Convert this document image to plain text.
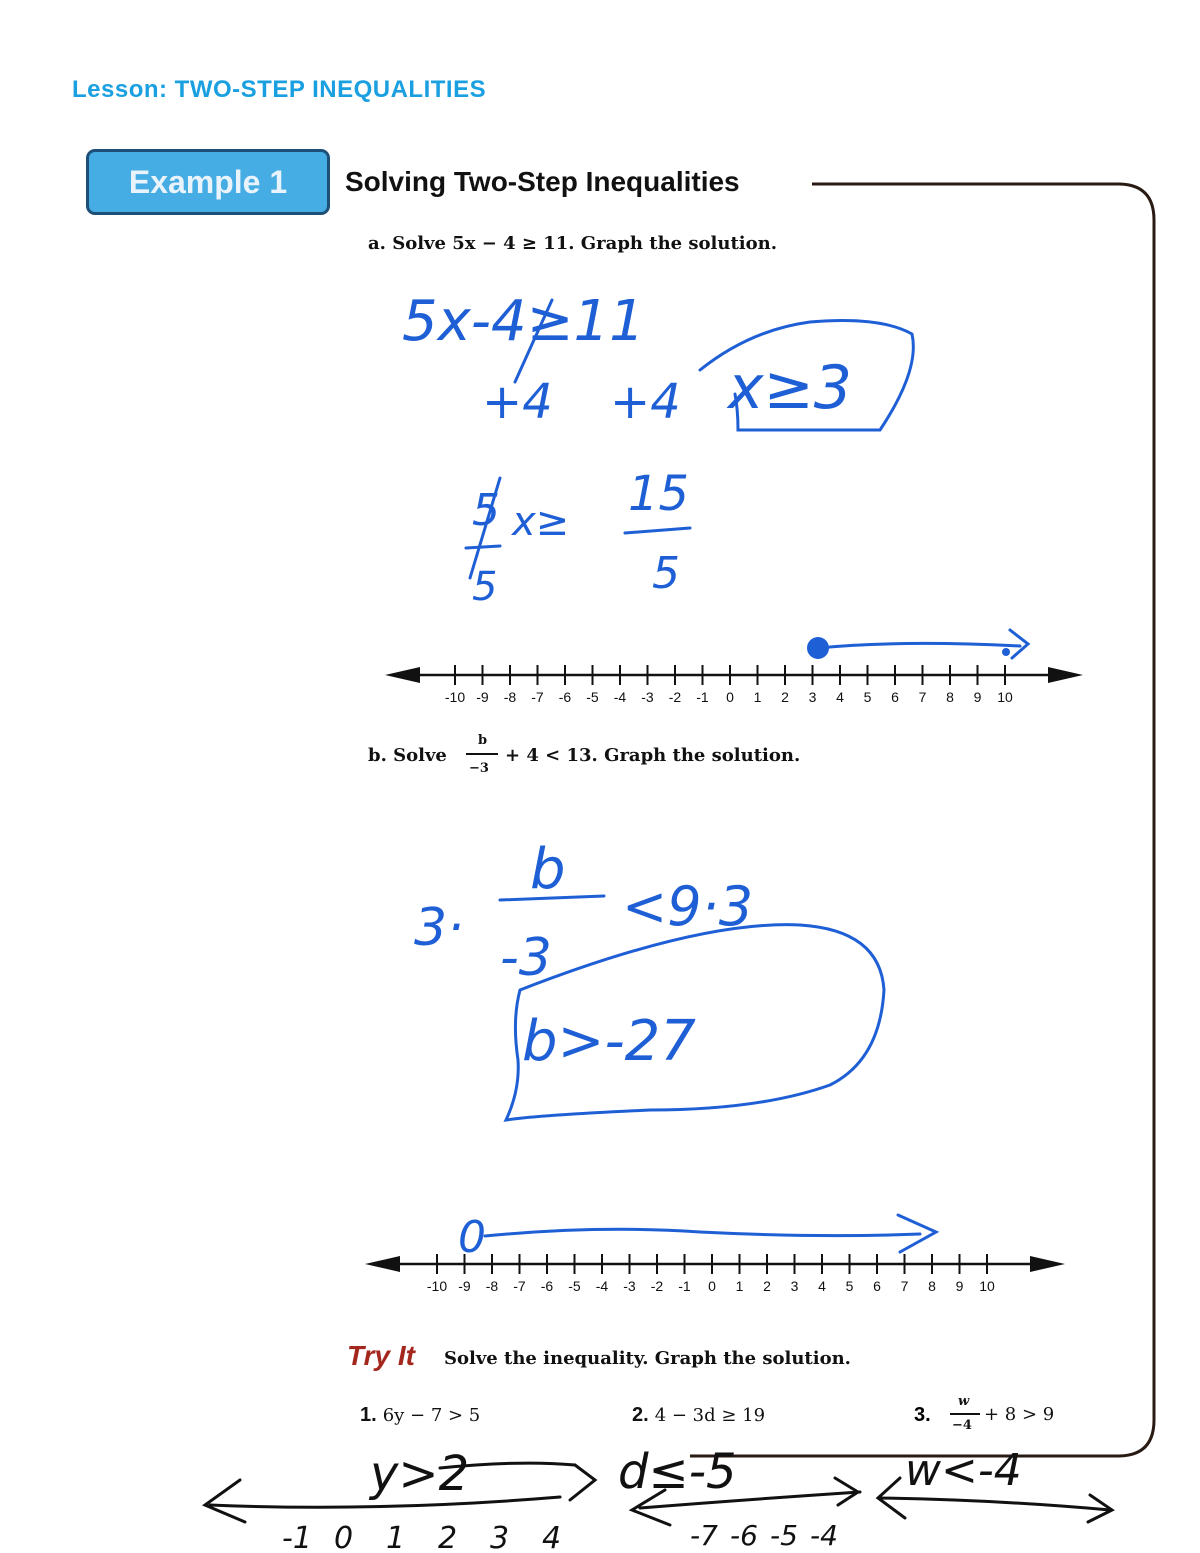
Lesson: TWO-STEP INEQUALITIES
Example 1	Solving Two-Step Inequalities
a. Solve 5x − 4 ≥ 11. Graph the solution.
b. Solve
b
−3
+ 4 < 13. Graph the solution.
Try It Solve the inequality. Graph the solution.
1. 6y − 7 > 5	2. 4 − 3d ≥ 19	3.
w
−4
+ 8 > 9
-10 -9 -8 -7 -6 -5 -4 -3 -2 -1 0 1 2 3 4 5 6 7 8 9 10
-10 -9 -8 -7 -6 -5 -4 -3 -2 -1 0 1 2 3 4 5 6 7 8 9 10
5x-4≥11
+4 +4 x≥3
5 x≥
5
15
5
3·
b
-3
<9·3
b>-27
0
y>2	d≤-5	w<-4
-1 0 1 2 3 4	-7 -6 -5 -4
